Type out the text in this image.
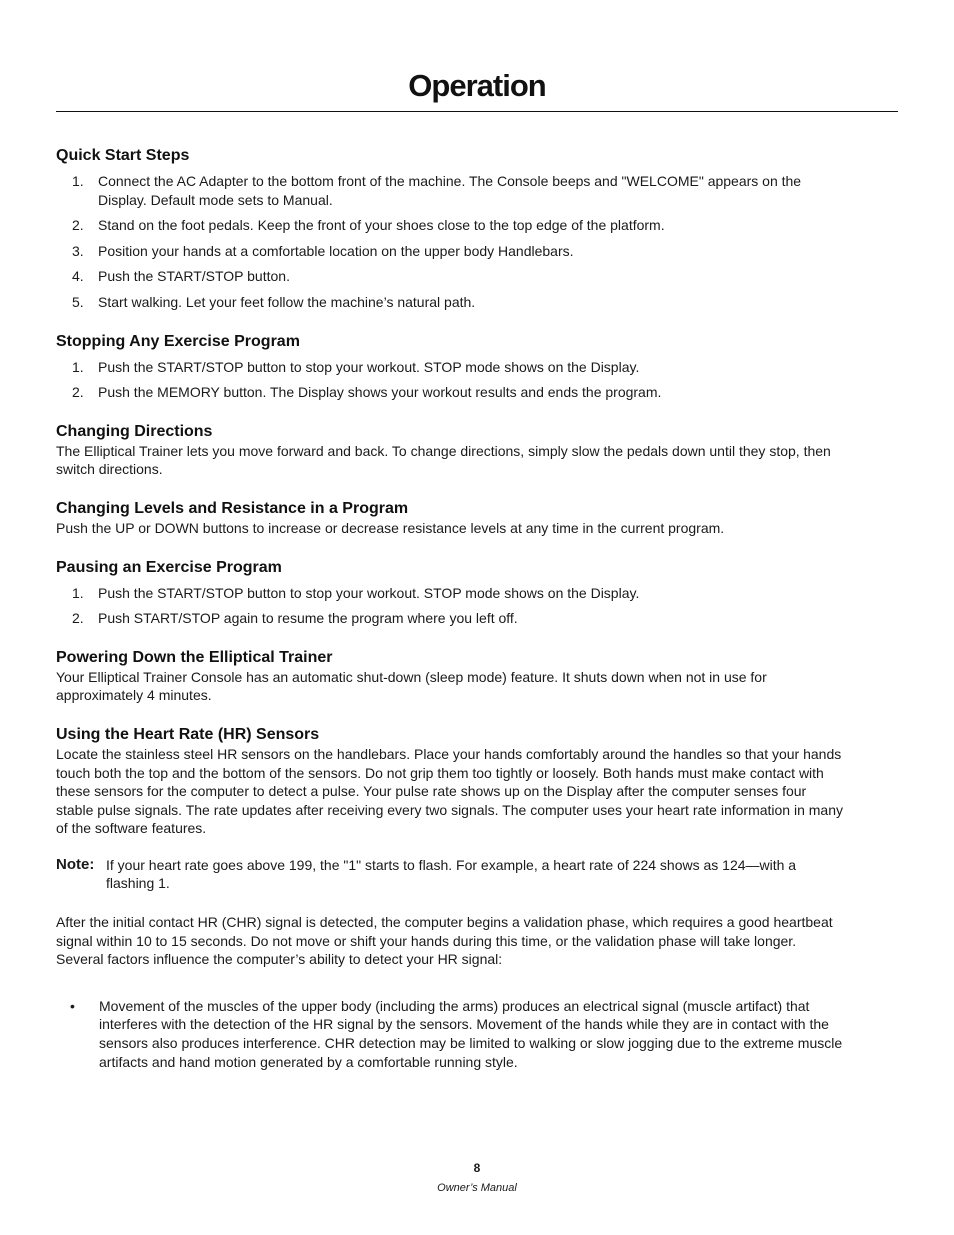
Operation
Quick Start Steps
1.	Connect the AC Adapter to the bottom front of the machine. The Console beeps and "WELCOME" appears on the Display. Default mode sets to Manual.
2.	Stand on the foot pedals. Keep the front of your shoes close to the top edge of the platform.
3.	Position your hands at a comfortable location on the upper body Handlebars.
4.	Push the START/STOP button.
5.	Start walking. Let your feet follow the machine’s natural path.
Stopping Any Exercise Program
1.	Push the START/STOP button to stop your workout. STOP mode shows on the Display.
2.	Push the MEMORY button. The Display shows your workout results and ends the program.
Changing Directions

The Elliptical Trainer lets you move forward and back. To change directions, simply slow the pedals down until they stop, then switch directions.

Changing Levels and Resistance in a Program

Push the UP or DOWN buttons to increase or decrease resistance levels at any time in the current program.

Pausing an Exercise Program
1.	Push the START/STOP button to stop your workout. STOP mode shows on the Display.
2.	Push START/STOP again to resume the program where you left off.
Powering Down the Elliptical Trainer

Your Elliptical Trainer Console has an automatic shut-down (sleep mode) feature. It shuts down when not in use for approximately 4 minutes.

Using the Heart Rate (HR) Sensors

Locate the stainless steel HR sensors on the handlebars. Place your hands comfortably around the handles so that your hands touch both the top and the bottom of the sensors. Do not grip them too tightly or loosely. Both hands must make contact with these sensors for the computer to detect a pulse. Your pulse rate shows up on the Display after the computer senses four stable pulse signals. The rate updates after receiving every two signals. The computer uses your heart rate information in many of the software features.

Note: If your heart rate goes above 199, the "1" starts to flash. For example, a heart rate of 224 shows as 124—with a flashing 1.

After the initial contact HR (CHR) signal is detected, the computer begins a validation phase, which requires a good heartbeat signal within 10 to 15 seconds. Do not move or shift your hands during this time, or the validation phase will take longer. Several factors influence the computer’s ability to detect your HR signal:

•	Movement of the muscles of the upper body (including the arms) produces an electrical signal (muscle artifact) that interferes with the detection of the HR signal by the sensors. Movement of the hands while they are in contact with the sensors also produces interference. CHR detection may be limited to walking or slow jogging due to the extreme muscle artifacts and hand motion generated by a comfortable running style.
8
Owner’s Manual
